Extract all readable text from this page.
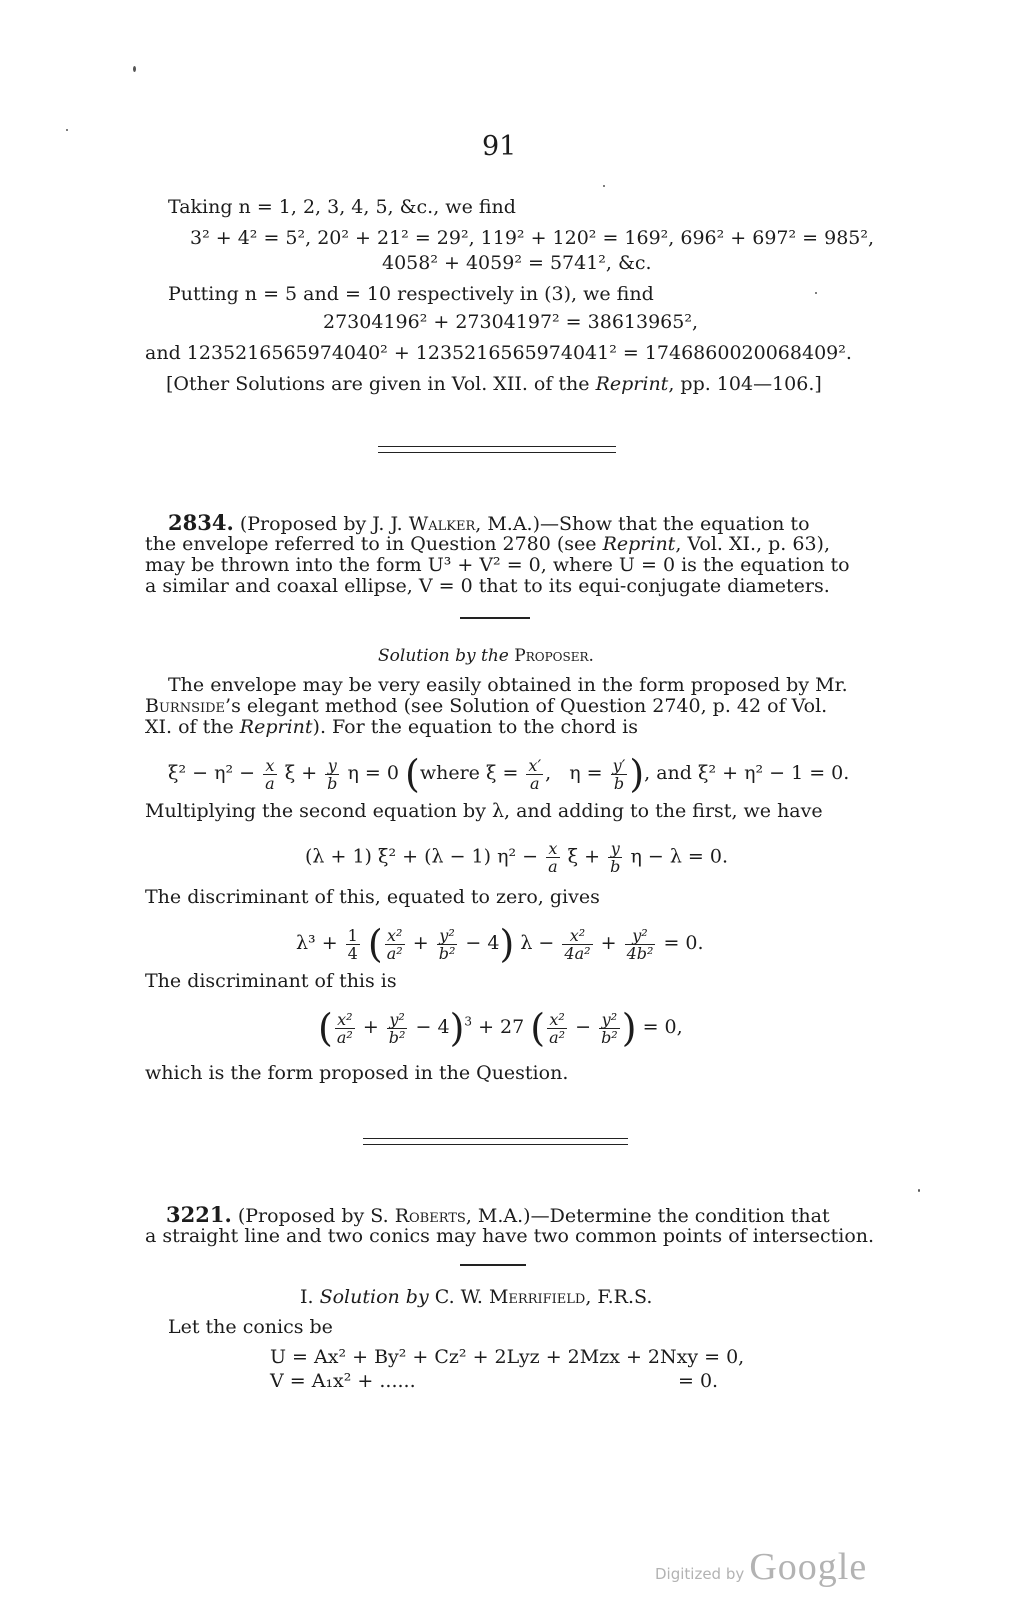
91
Taking n = 1, 2, 3, 4, 5, &c., we find
3² + 4² = 5², 20² + 21² = 29², 119² + 120² = 169², 696² + 697² = 985²,
4058² + 4059² = 5741², &c.
Putting n = 5 and = 10 respectively in (3), we find
27304196² + 27304197² = 38613965²,
and 1235216565974040² + 1235216565974041² = 1746860020068409².
[Other Solutions are given in Vol. XII. of the Reprint, pp. 104—106.]
2834. (Proposed by J. J. Walker, M.A.)—Show that the equation to
the envelope referred to in Question 2780 (see Reprint, Vol. XI., p. 63),
may be thrown into the form U³ + V² = 0, where U = 0 is the equation to
a similar and coaxal ellipse, V = 0 that to its equi-conjugate diameters.
Solution by the Proposer.
The envelope may be very easily obtained in the form proposed by Mr.
Burnside’s elegant method (see Solution of Question 2740, p. 42 of Vol.
XI. of the Reprint). For the equation to the chord is
$\xi^2 - \eta^2 - \frac{x}{a}$ $\xi + \frac{y}{b}$ η = 0 (where $\xi = \frac{x'}{a}$ ,   $\eta = \frac{y'}{b}$ ), and ξ² + η² − 1 = 0.
Multiplying the second equation by λ, and adding to the first, we have
(λ + 1) ξ² + (λ − 1) $\eta^2 - \frac{x}{a}$ $\xi + \frac{y}{b}$ η − λ = 0.
The discriminant of this, equated to zero, gives
$\lambda^3 + \frac{1}{4}$ ( $\frac{\text{x²}}{\text{a²}} + \frac{\text{y²}}{\text{b²}} - 4$) $\lambda - \frac{\text{x²}}{\text{4a²}} + \frac{\text{y²}}{\text{4b²}} = 0$.
The discriminant of this is
( $\frac{\text{x²}}{\text{a²}} + \frac{\text{y²}}{\text{b²}} - 4)^3 + 27$ ( $\frac{\text{x²}}{\text{a²}} - \frac{\text{y²}}{\text{b²}}$ ) = 0,
which is the form proposed in the Question.
3221. (Proposed by S. Roberts, M.A.)—Determine the condition that
a straight line and two conics may have two common points of intersection.
I. Solution by C. W. Merrifield, F.R.S.
Let the conics be
U = Ax² + By² + Cz² + 2Lyz + 2Mzx + 2Nxy = 0,
V = A₁x² + ......	= 0.
Digitized by Google
